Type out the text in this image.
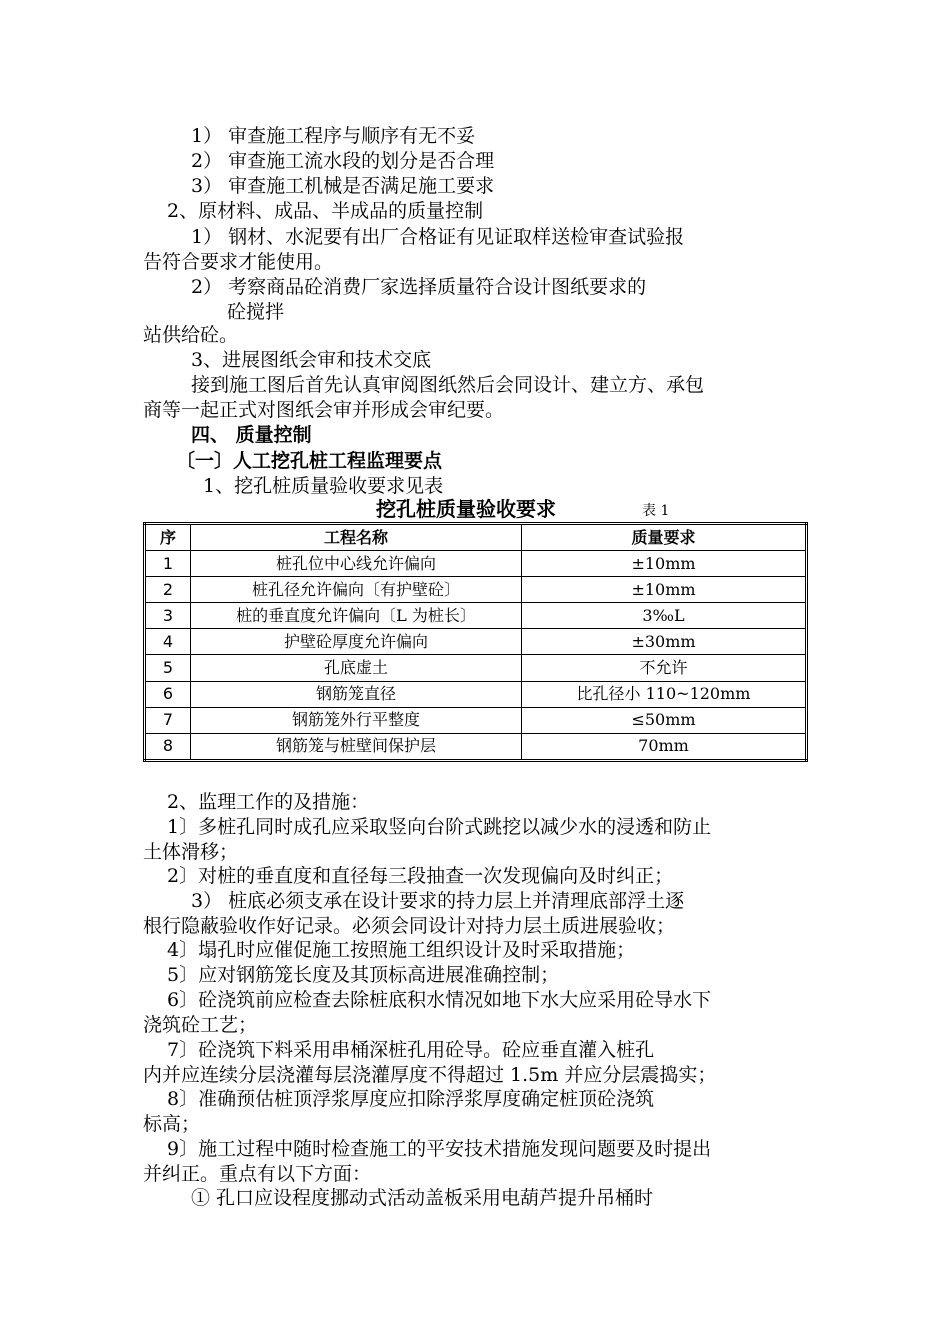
1） 审查施工程序与顺序有无不妥
2） 审查施工流水段的划分是否合理
3） 审查施工机械是否满足施工要求
2、原材料、成品、半成品的质量控制
1） 钢材、水泥要有出厂合格证有见证取样送检审查试验报
告符合要求才能使用。
2） 考察商品砼消费厂家选择质量符合设计图纸要求的
砼搅拌
站供给砼。
3、进展图纸会审和技术交底
接到施工图后首先认真审阅图纸然后会同设计、建立方、承包
商等一起正式对图纸会审并形成会审纪要。
四、 质量控制
〔一〕人工挖孔桩工程监理要点
1、挖孔桩质量验收要求见表
挖孔桩质量验收要求	表 1
序	工程名称	质量要求
1	桩孔位中心线允许偏向	±10mm
2	桩孔径允许偏向〔有护壁砼〕	±10mm
3	桩的垂直度允许偏向〔L 为桩长〕	3‰L
4	护壁砼厚度允许偏向	±30mm
5	孔底虚土	不允许
6	钢筋笼直径	比孔径小 110~120mm
7	钢筋笼外行平整度	≤50mm
8	钢筋笼与桩壁间保护层	70mm
2、监理工作的及措施：
1〕多桩孔同时成孔应采取竖向台阶式跳挖以减少水的浸透和防止
土体滑移；
2〕对桩的垂直度和直径每三段抽查一次发现偏向及时纠正；
3） 桩底必须支承在设计要求的持力层上并清理底部浮土逐
根行隐蔽验收作好记录。必须会同设计对持力层土质进展验收；
4〕塌孔时应催促施工按照施工组织设计及时采取措施；
5〕应对钢筋笼长度及其顶标高进展准确控制；
6〕砼浇筑前应检查去除桩底积水情况如地下水大应采用砼导水下
浇筑砼工艺；
7〕砼浇筑下料采用串桶深桩孔用砼导。砼应垂直灌入桩孔
内并应连续分层浇灌每层浇灌厚度不得超过 1.5m 并应分层震捣实；
8〕准确预估桩顶浮浆厚度应扣除浮浆厚度确定桩顶砼浇筑
标高；
9〕施工过程中随时检查施工的平安技术措施发现问题要及时提出
并纠正。重点有以下方面：
① 孔口应设程度挪动式活动盖板采用电葫芦提升吊桶时
